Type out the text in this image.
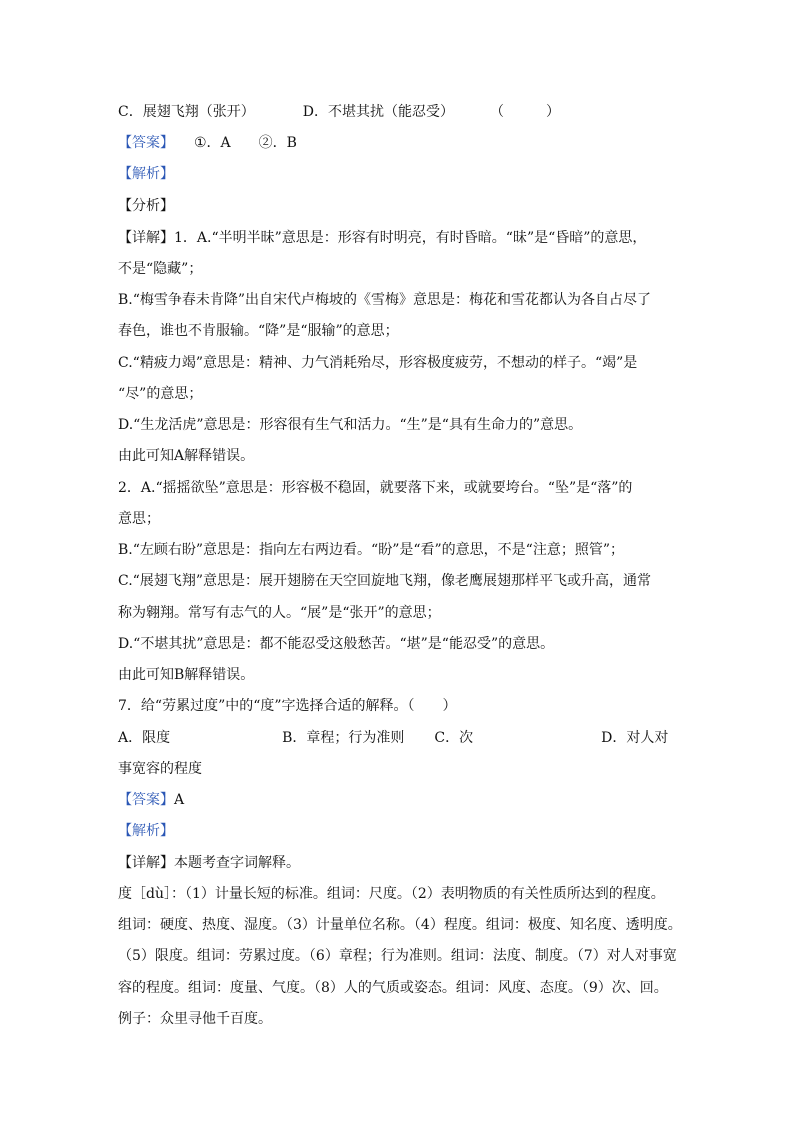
C．展翅飞翔（张开）	D．不堪其扰（能忍受）	（　　　）
【答案】 ①．A　　②．B
【解析】
【分析】
【详解】1．A.“半明半昧”意思是：形容有时明亮，有时昏暗。“昧”是“昏暗”的意思，
不是“隐藏”；
B.“梅雪争春未肯降”出自宋代卢梅坡的《雪梅》意思是：梅花和雪花都认为各自占尽了
春色，谁也不肯服输。“降”是“服输”的意思；
C.“精疲力竭”意思是：精神、力气消耗殆尽，形容极度疲劳，不想动的样子。“竭”是
“尽”的意思；
D.“生龙活虎”意思是：形容很有生气和活力。“生”是“具有生命力的”意思。
由此可知A解释错误。
2．A.“摇摇欲坠”意思是：形容极不稳固，就要落下来，或就要垮台。“坠”是“落”的
意思；
B.“左顾右盼”意思是：指向左右两边看。“盼”是“看”的意思，不是“注意；照管”；
C.“展翅飞翔”意思是：展开翅膀在天空回旋地飞翔，像老鹰展翅那样平飞或升高，通常
称为翱翔。常写有志气的人。“展”是“张开”的意思；
D.“不堪其扰”意思是：都不能忍受这般愁苦。“堪”是“能忍受”的意思。
由此可知B解释错误。
7．给“劳累过度”中的“度”字选择合适的解释。（　　）
A．限度	B．章程；行为准则 C．次	D．对人对
事宽容的程度
【答案】A
【解析】
【详解】本题考查字词解释。
度［dù］：（1）计量长短的标准。组词：尺度。（2）表明物质的有关性质所达到的程度。
组词：硬度、热度、湿度。（3）计量单位名称。（4）程度。组词：极度、知名度、透明度。
（5）限度。组词：劳累过度。（6）章程；行为准则。组词：法度、制度。（7）对人对事宽
容的程度。组词：度量、气度。（8）人的气质或姿态。组词：风度、态度。（9）次、回。
例子：众里寻他千百度。
